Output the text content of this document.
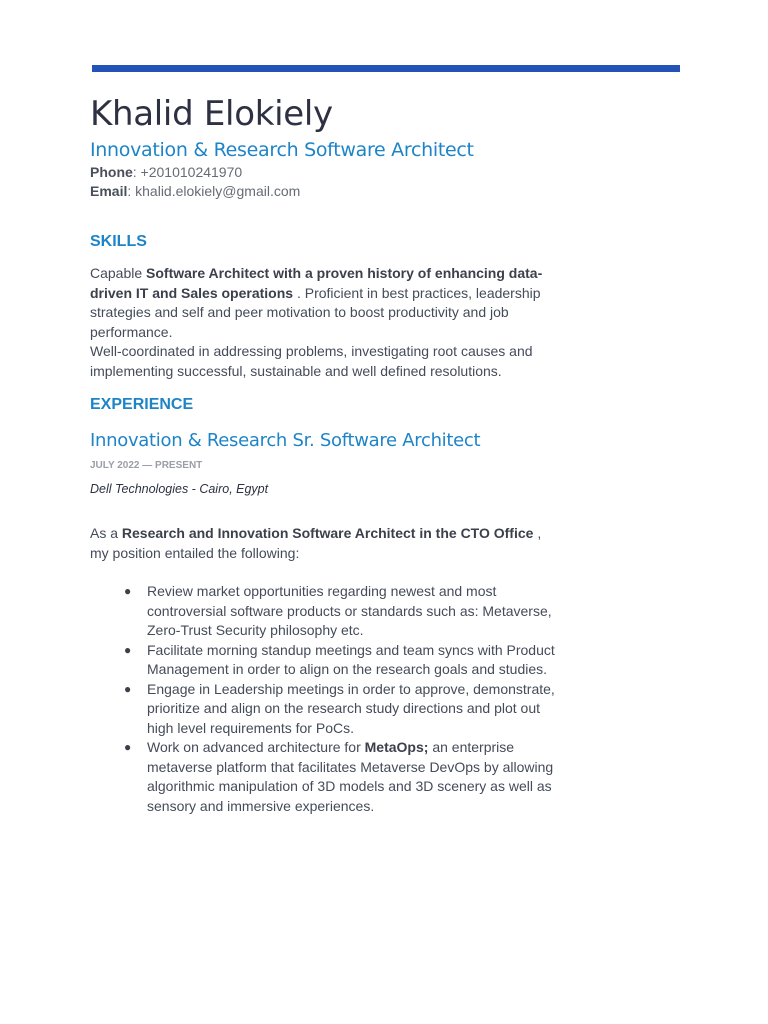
Khalid Elokiely
Innovation & Research Software Architect
Phone: +201010241970
Email: khalid.elokiely@gmail.com
SKILLS
Capable Software Architect with a proven history of enhancing data-driven IT and Sales operations . Proficient in best practices, leadership strategies and self and peer motivation to boost productivity and job performance.
Well-coordinated in addressing problems, investigating root causes and implementing successful, sustainable and well defined resolutions.
EXPERIENCE
Innovation & Research Sr. Software Architect
JULY 2022 — PRESENT
Dell Technologies - Cairo, Egypt
As a Research and Innovation Software Architect in the CTO Office , my position entailed the following:
● Review market opportunities regarding newest and most controversial software products or standards such as: Metaverse, Zero-Trust Security philosophy etc.
● Facilitate morning standup meetings and team syncs with Product Management in order to align on the research goals and studies.
● Engage in Leadership meetings in order to approve, demonstrate, prioritize and align on the research study directions and plot out high level requirements for PoCs.
● Work on advanced architecture for MetaOps; an enterprise metaverse platform that facilitates Metaverse DevOps by allowing algorithmic manipulation of 3D models and 3D scenery as well as sensory and immersive experiences.
